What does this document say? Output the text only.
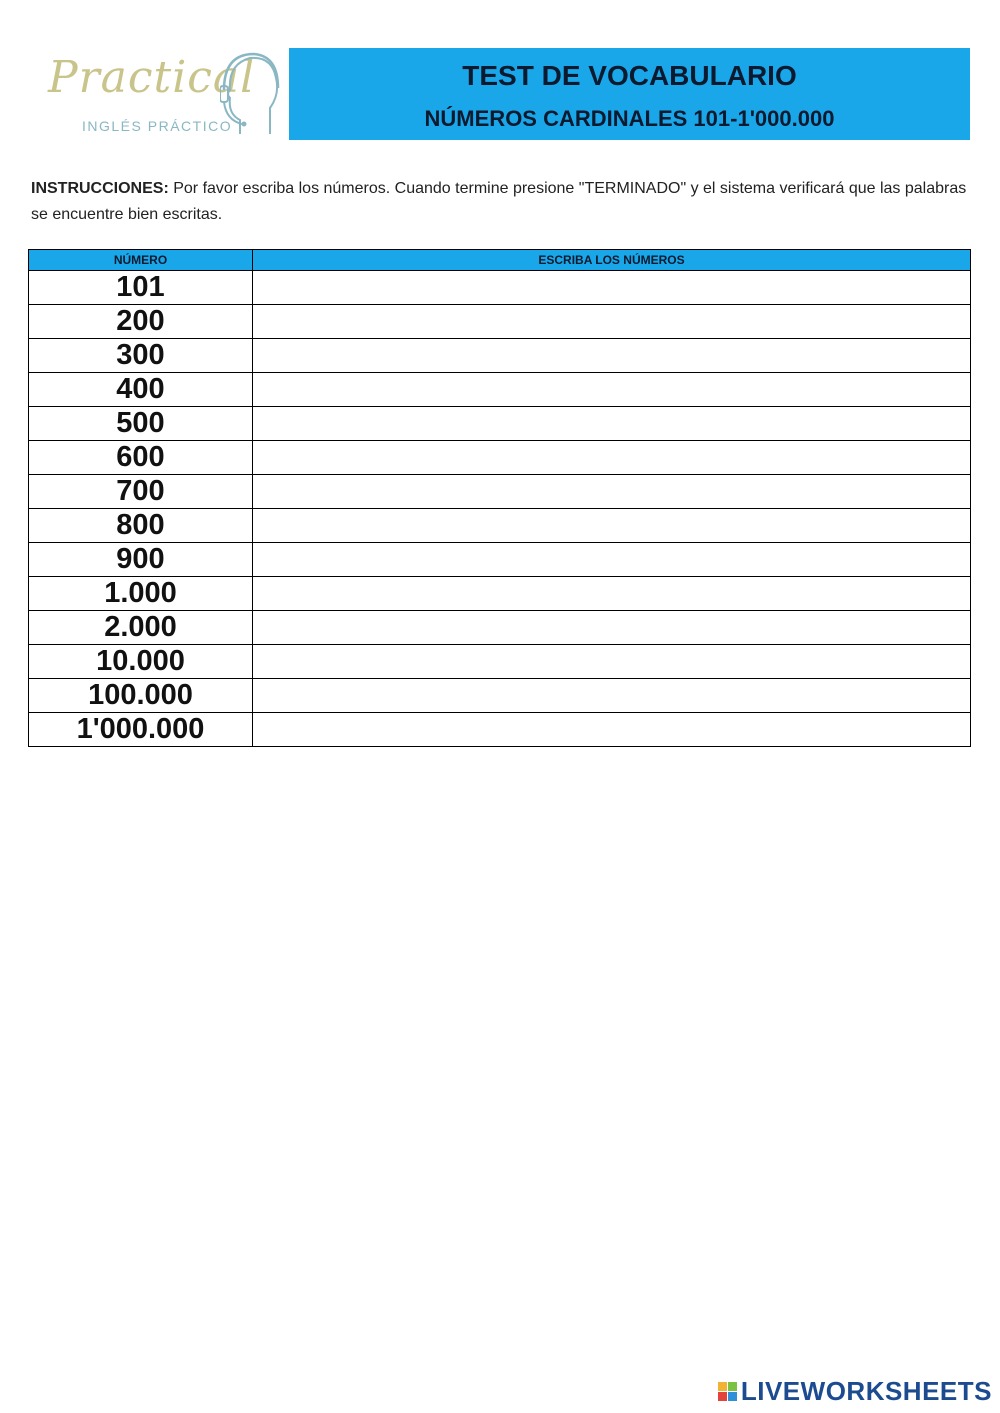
Practical
INGLÉS PRÁCTICO
TEST DE VOCABULARIO
NÚMEROS CARDINALES 101-1'000.000
INSTRUCCIONES: Por favor escriba los números. Cuando termine presione "TERMINADO" y el sistema verificará que las palabras se encuentre bien escritas.
NÚMERO	ESCRIBA LOS NÚMEROS
101	
200	
300	
400	
500	
600	
700	
800	
900	
1.000	
2.000	
10.000	
100.000	
1'000.000	
LIVEWORKSHEETS
